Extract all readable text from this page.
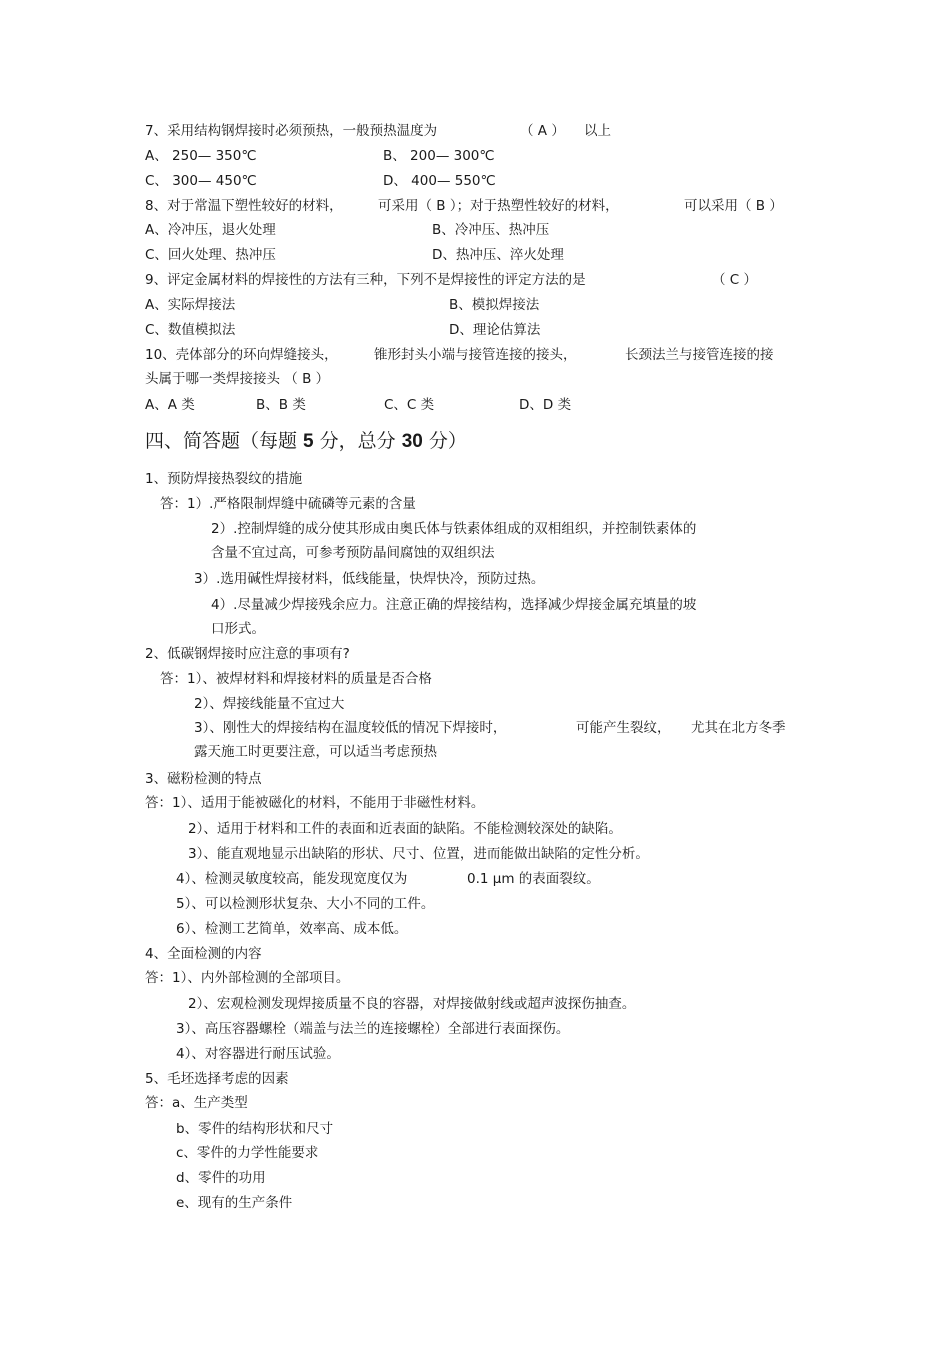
7、采用结构钢焊接时必须预热，一般预热温度为	（ A ） 以上
A、 250— 350℃	B、 200— 300℃
C、 300— 450℃	D、 400— 550℃
8、对于常温下塑性较好的材料，	可采用（ B ）；对于热塑性较好的材料，	可以采用（ B ）
A、冷冲压，退火处理	B、冷冲压、热冲压
C、回火处理、热冲压	D、热冲压、淬火处理
9、评定金属材料的焊接性的方法有三种，下列不是焊接性的评定方法的是	（ C ）
A、实际焊接法	B、模拟焊接法
C、数值模拟法	D、理论估算法
10、壳体部分的环向焊缝接头，	锥形封头小端与接管连接的接头，	长颈法兰与接管连接的接
头属于哪一类焊接接头 （ B ）
A、A 类	B、B 类	C、C 类	D、D 类
四、简答题（每题 5 分，总分 30 分）
1、预防焊接热裂纹的措施
答：1）.严格限制焊缝中硫磷等元素的含量
2）.控制焊缝的成分使其形成由奥氏体与铁素体组成的双相组织，并控制铁素体的
含量不宜过高，可参考预防晶间腐蚀的双组织法
3）.选用碱性焊接材料，低线能量，快焊快冷，预防过热。
4）.尽量减少焊接残余应力。注意正确的焊接结构，选择减少焊接金属充填量的坡
口形式。
2、低碳钢焊接时应注意的事项有?
答：1）、被焊材料和焊接材料的质量是否合格
2）、焊接线能量不宜过大
3）、刚性大的焊接结构在温度较低的情况下焊接时，	可能产生裂纹， 尤其在北方冬季
露天施工时更要注意，可以适当考虑预热
3、磁粉检测的特点
答：1）、适用于能被磁化的材料，不能用于非磁性材料。
2）、适用于材料和工件的表面和近表面的缺陷。不能检测较深处的缺陷。
3）、能直观地显示出缺陷的形状、尺寸、位置，进而能做出缺陷的定性分析。
4）、检测灵敏度较高，能发现宽度仅为	0.1 μm 的表面裂纹。
5）、可以检测形状复杂、大小不同的工件。
6）、检测工艺简单，效率高、成本低。
4、全面检测的内容
答：1）、内外部检测的全部项目。
2）、宏观检测发现焊接质量不良的容器，对焊接做射线或超声波探伤抽查。
3）、高压容器螺栓（端盖与法兰的连接螺栓）全部进行表面探伤。
4）、对容器进行耐压试验。
5、毛坯选择考虑的因素
答：a、生产类型
b、零件的结构形状和尺寸
c、零件的力学性能要求
d、零件的功用
e、现有的生产条件
